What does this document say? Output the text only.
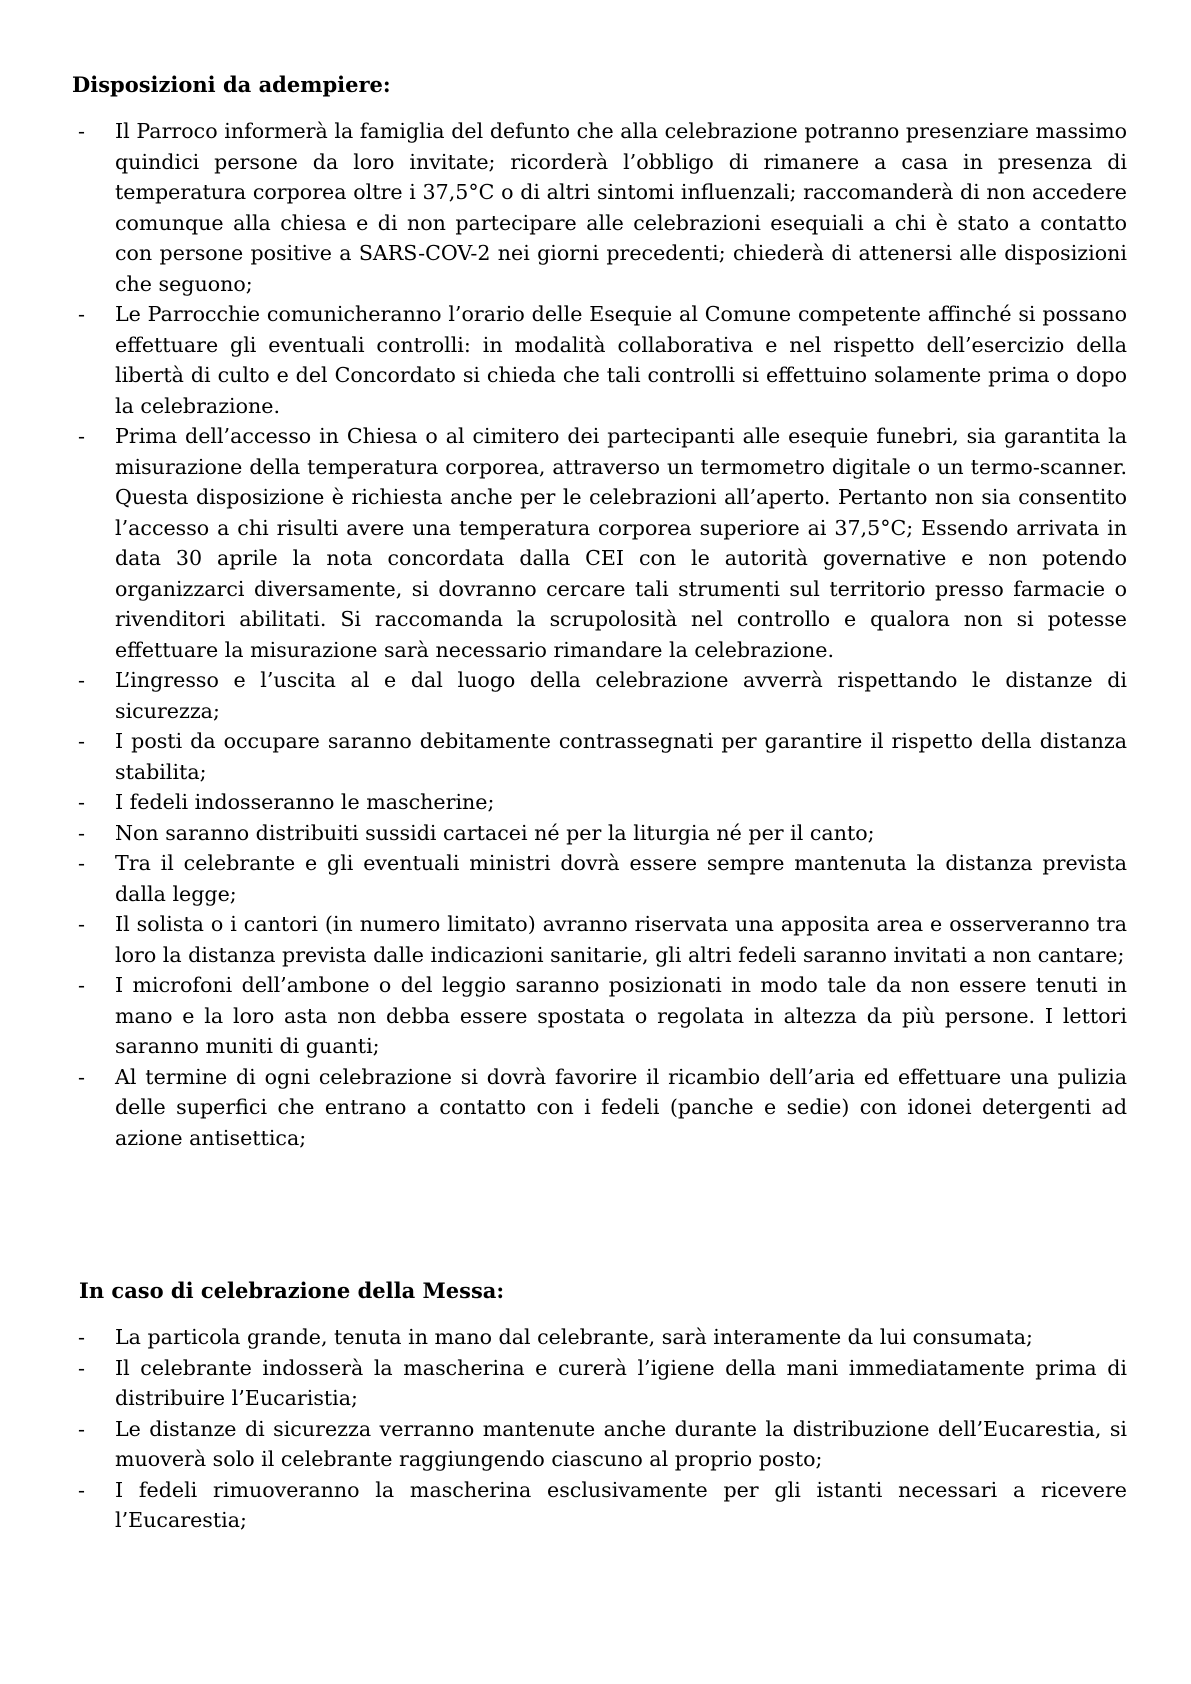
Disposizioni da adempiere:
- Il Parroco informerà la famiglia del defunto che alla celebrazione potranno presenziare massimo quindici persone da loro invitate; ricorderà l’obbligo di rimanere a casa in presenza di temperatura corporea oltre i 37,5°C o di altri sintomi influenzali; raccomanderà di non accedere comunque alla chiesa e di non partecipare alle celebrazioni esequiali a chi è stato a contatto con persone positive a SARS-COV-2 nei giorni precedenti; chiederà di attenersi alle disposizioni che seguono;
- Le Parrocchie comunicheranno l’orario delle Esequie al Comune competente affinché si possano effettuare gli eventuali controlli: in modalità collaborativa e nel rispetto dell’esercizio della libertà di culto e del Concordato si chieda che tali controlli si effettuino solamente prima o dopo la celebrazione.
- Prima dell’accesso in Chiesa o al cimitero dei partecipanti alle esequie funebri, sia garantita la misurazione della temperatura corporea, attraverso un termometro digitale o un termo-scanner. Questa disposizione è richiesta anche per le celebrazioni all’aperto. Pertanto non sia consentito l’accesso a chi risulti avere una temperatura corporea superiore ai 37,5°C; Essendo arrivata in data 30 aprile la nota concordata dalla CEI con le autorità governative e non potendo organizzarci diversamente, si dovranno cercare tali strumenti sul territorio presso farmacie o rivenditori abilitati. Si raccomanda la scrupolosità nel controllo e qualora non si potesse effettuare la misurazione sarà necessario rimandare la celebrazione.
- L’ingresso e l’uscita al e dal luogo della celebrazione avverrà rispettando le distanze di sicurezza;
- I posti da occupare saranno debitamente contrassegnati per garantire il rispetto della distanza stabilita;
- I fedeli indosseranno le mascherine;
- Non saranno distribuiti sussidi cartacei né per la liturgia né per il canto;
- Tra il celebrante e gli eventuali ministri dovrà essere sempre mantenuta la distanza prevista dalla legge;
- Il solista o i cantori (in numero limitato) avranno riservata una apposita area e osserveranno tra loro la distanza prevista dalle indicazioni sanitarie, gli altri fedeli saranno invitati a non cantare;
- I microfoni dell’ambone o del leggio saranno posizionati in modo tale da non essere tenuti in mano e la loro asta non debba essere spostata o regolata in altezza da più persone. I lettori saranno muniti di guanti;
- Al termine di ogni celebrazione si dovrà favorire il ricambio dell’aria ed effettuare una pulizia delle superfici che entrano a contatto con i fedeli (panche e sedie) con idonei detergenti ad azione antisettica;
In caso di celebrazione della Messa:
- La particola grande, tenuta in mano dal celebrante, sarà interamente da lui consumata;
- Il celebrante indosserà la mascherina e curerà l’igiene della mani immediatamente prima di distribuire l’Eucaristia;
- Le distanze di sicurezza verranno mantenute anche durante la distribuzione dell’Eucarestia, si muoverà solo il celebrante raggiungendo ciascuno al proprio posto;
- I fedeli rimuoveranno la mascherina esclusivamente per gli istanti necessari a ricevere l’Eucarestia;
